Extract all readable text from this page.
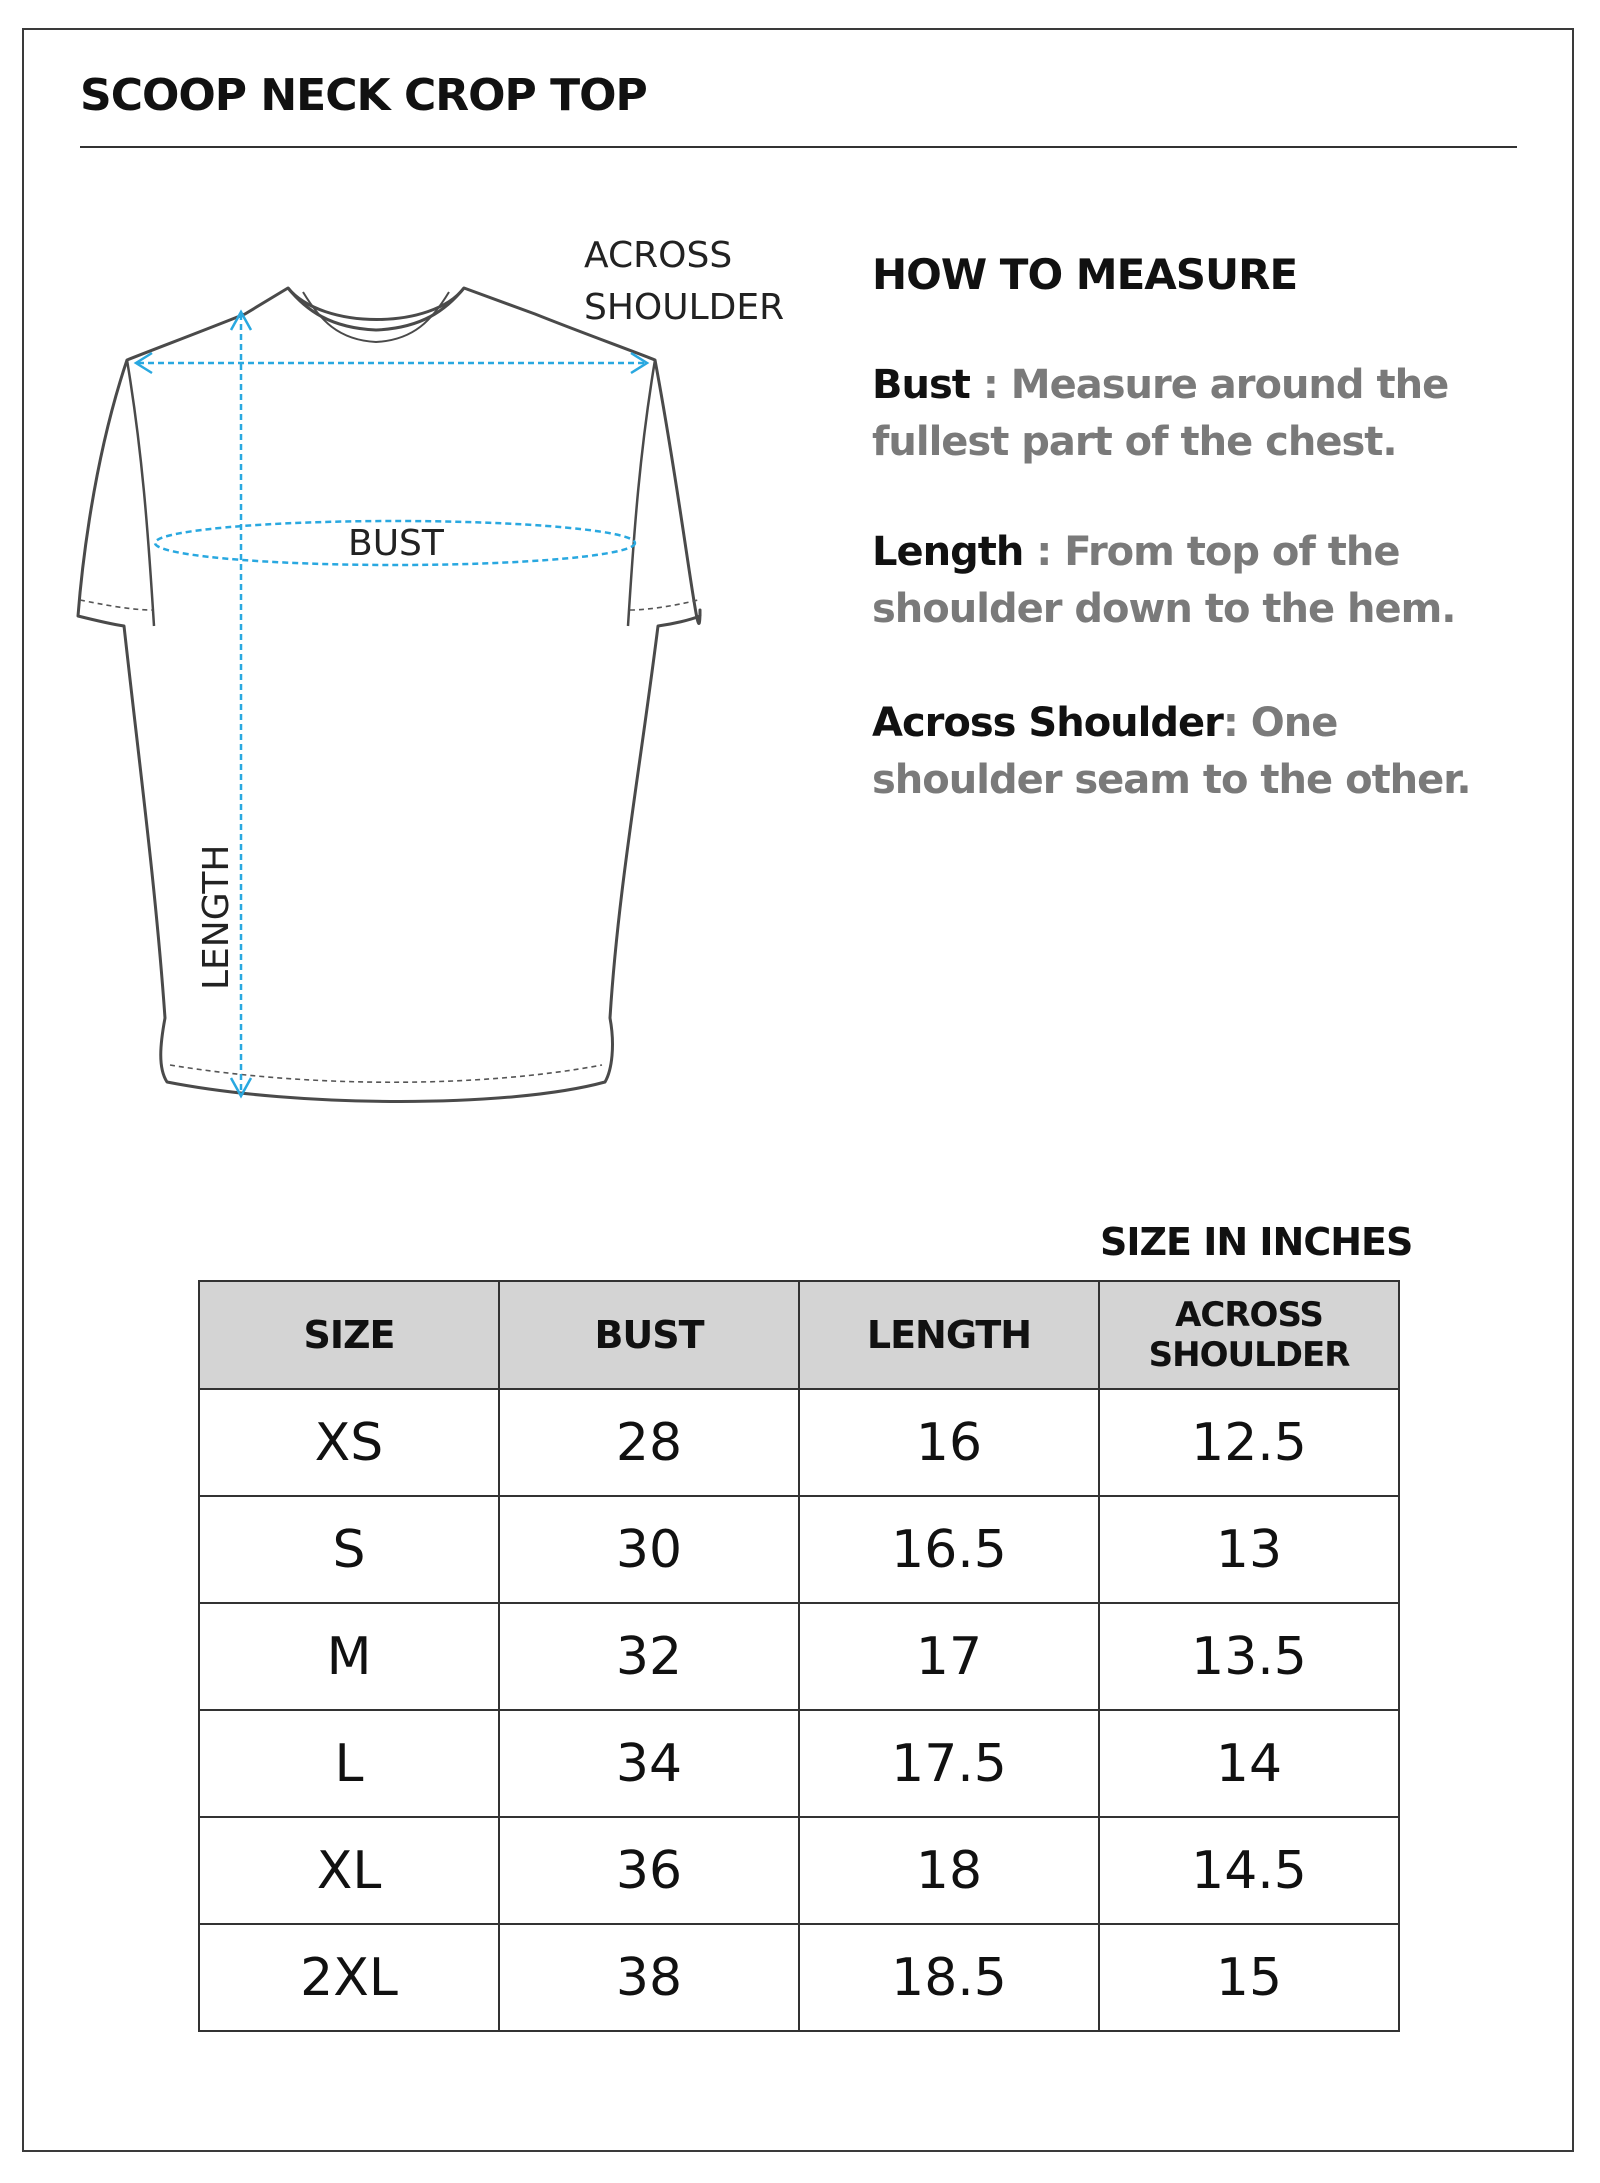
SCOOP NECK CROP TOP
BUST
LENGTH
ACROSS
SHOULDER
HOW TO MEASURE
Bust : Measure around the fullest part of the chest.
Length : From top of the shoulder down to the hem.
Across Shoulder: One shoulder seam to the other.
SIZE IN INCHES
SIZE	BUST	LENGTH	ACROSS
SHOULDER

XS	28	16	12.5
S	30	16.5	13
M	32	17	13.5
L	34	17.5	14
XL	36	18	14.5
2XL	38	18.5	15
